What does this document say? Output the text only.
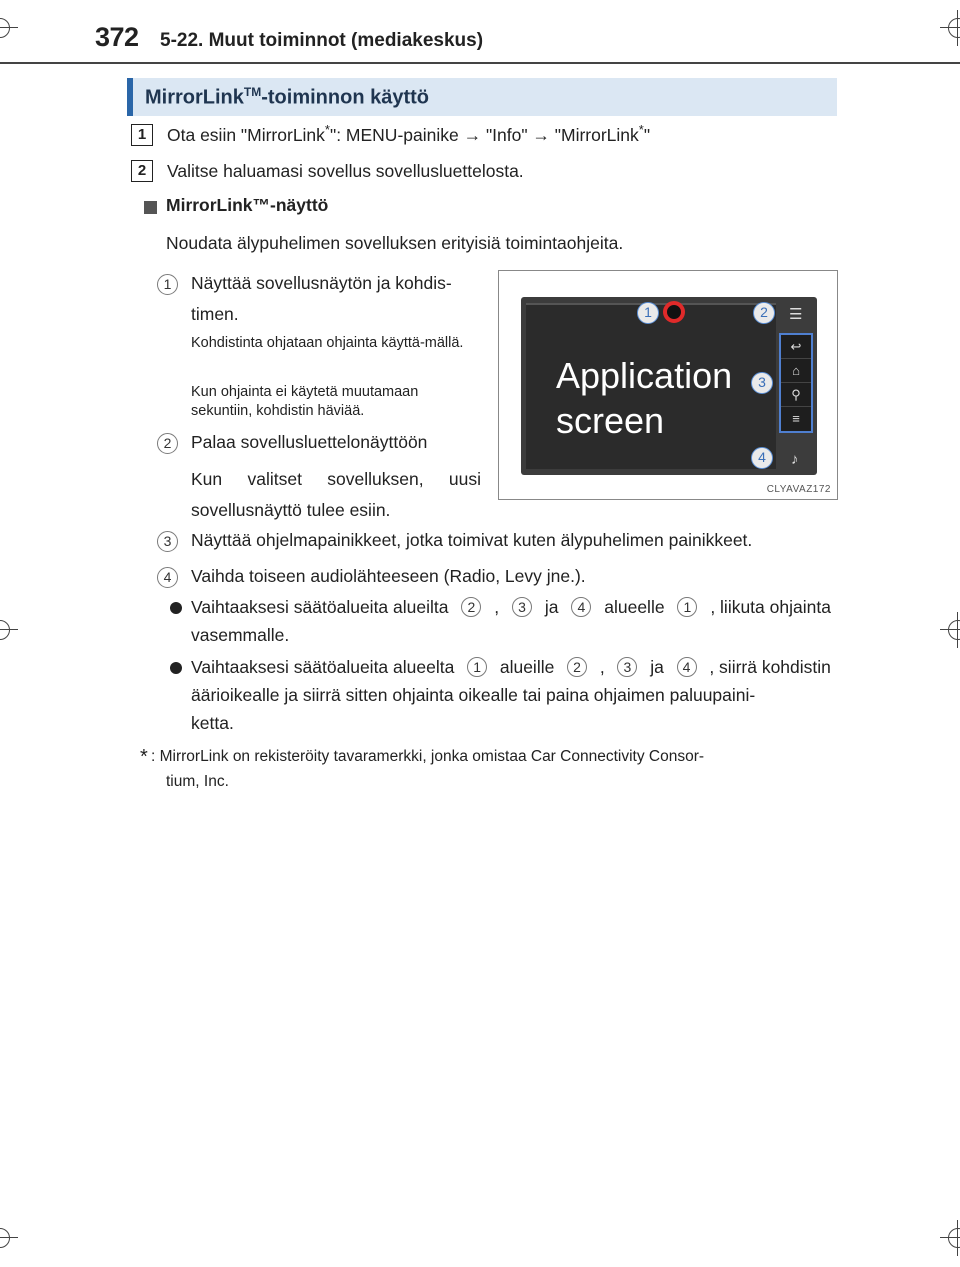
372 5-22. Muut toiminnot (mediakeskus)
MirrorLink™-toiminnon käyttö
1	Ota esiin "MirrorLink*": MENU-painike → "Info" → "MirrorLink*"
2	Valitse haluamasi sovellus sovellusluettelosta.
MirrorLink™-näyttö
Noudata älypuhelimen sovelluksen erityisiä toimintaohjeita.
1	Näyttää sovellusnäytön ja kohdis-timen.
Kohdistinta ohjataan ohjainta käyttä-mällä.
Kun ohjainta ei käytetä muutamaan sekuntiin, kohdistin häviää.
2	Palaa sovellusluettelonäyttöön
Kun valitset sovelluksen, uusi sovellusnäyttö tulee esiin.
Application
screen
☰
↩
⌂
⚲
≡
♪
1	2
3
4
CLYAVAZ172
3	Näyttää ohjelmapainikkeet, jotka toimivat kuten älypuhelimen painikkeet.
4	Vaihda toiseen audiolähteeseen (Radio, Levy jne.).
Vaihtaaksesi säätöalueita alueilta	2	,	3	ja	4	alueelle	1	, liikuta ohjainta
vasemmalle.
Vaihtaaksesi säätöalueita alueelta	1	alueille	2	,	3	ja	4	, siirrä kohdistin
äärioikealle ja siirrä sitten ohjainta oikealle tai paina ohjaimen paluupaini-
ketta.
* : MirrorLink on rekisteröity tavaramerkki, jonka omistaa Car Connectivity Consor-
tium, Inc.
